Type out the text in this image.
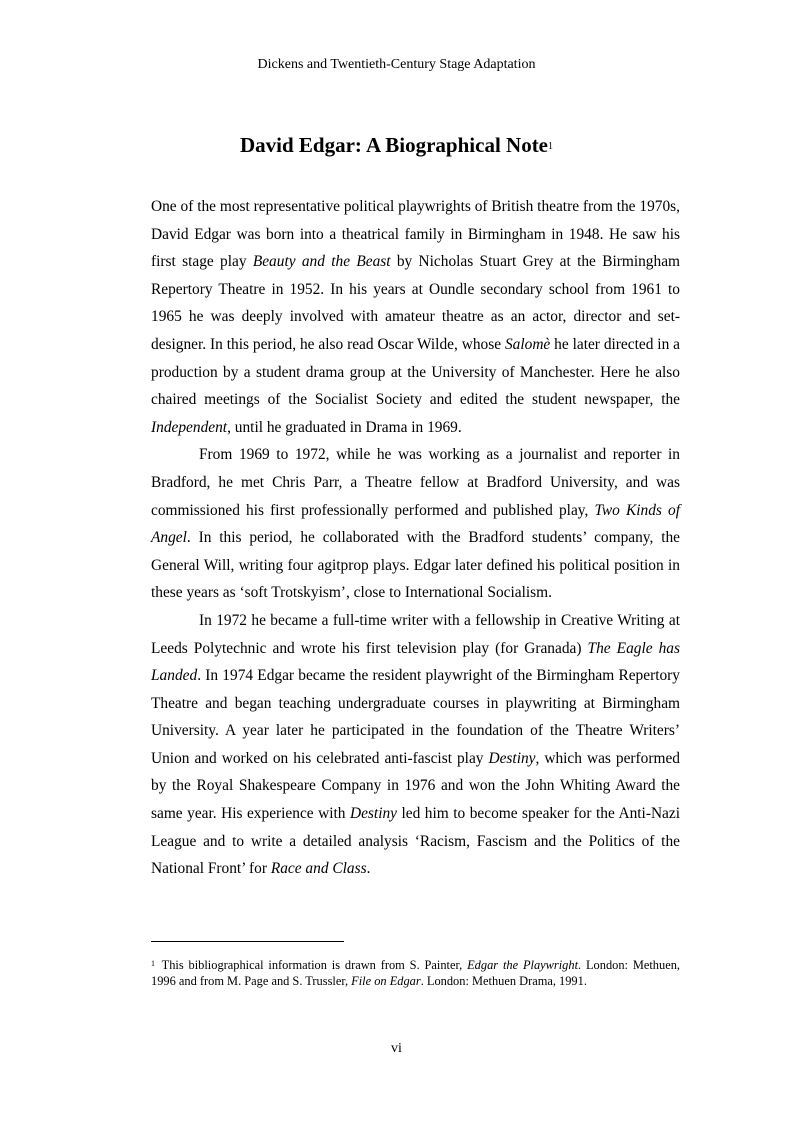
Dickens and Twentieth-Century Stage Adaptation
David Edgar: A Biographical Note$^1$

One of the most representative political playwrights of British theatre from the 1970s, David Edgar was born into a theatrical family in Birmingham in 1948. He saw his first stage play Beauty and the Beast by Nicholas Stuart Grey at the Birmingham Repertory Theatre in 1952. In his years at Oundle secondary school from 1961 to 1965 he was deeply involved with amateur theatre as an actor, director and set-designer. In this period, he also read Oscar Wilde, whose Salomè he later directed in a production by a student drama group at the University of Manchester. Here he also chaired meetings of the Socialist Society and edited the student newspaper, the Independent, until he graduated in Drama in 1969.

From 1969 to 1972, while he was working as a journalist and reporter in Bradford, he met Chris Parr, a Theatre fellow at Bradford University, and was commissioned his first professionally performed and published play, Two Kinds of Angel. In this period, he collaborated with the Bradford students’ company, the General Will, writing four agitprop plays. Edgar later defined his political position in these years as ‘soft Trotskyism’, close to International Socialism.

In 1972 he became a full-time writer with a fellowship in Creative Writing at Leeds Polytechnic and wrote his first television play (for Granada) The Eagle has Landed. In 1974 Edgar became the resident playwright of the Birmingham Repertory Theatre and began teaching undergraduate courses in playwriting at Birmingham University. A year later he participated in the foundation of the Theatre Writers’ Union and worked on his celebrated anti-fascist play Destiny, which was performed by the Royal Shakespeare Company in 1976 and won the John Whiting Award the same year. His experience with Destiny led him to become speaker for the Anti-Nazi League and to write a detailed analysis ‘Racism, Fascism and the Politics of the National Front’ for Race and Class.

$^1$ This bibliographical information is drawn from S. Painter, Edgar the Playwright. London: Methuen, 1996 and from M. Page and S. Trussler, File on Edgar. London: Methuen Drama, 1991.
vi
